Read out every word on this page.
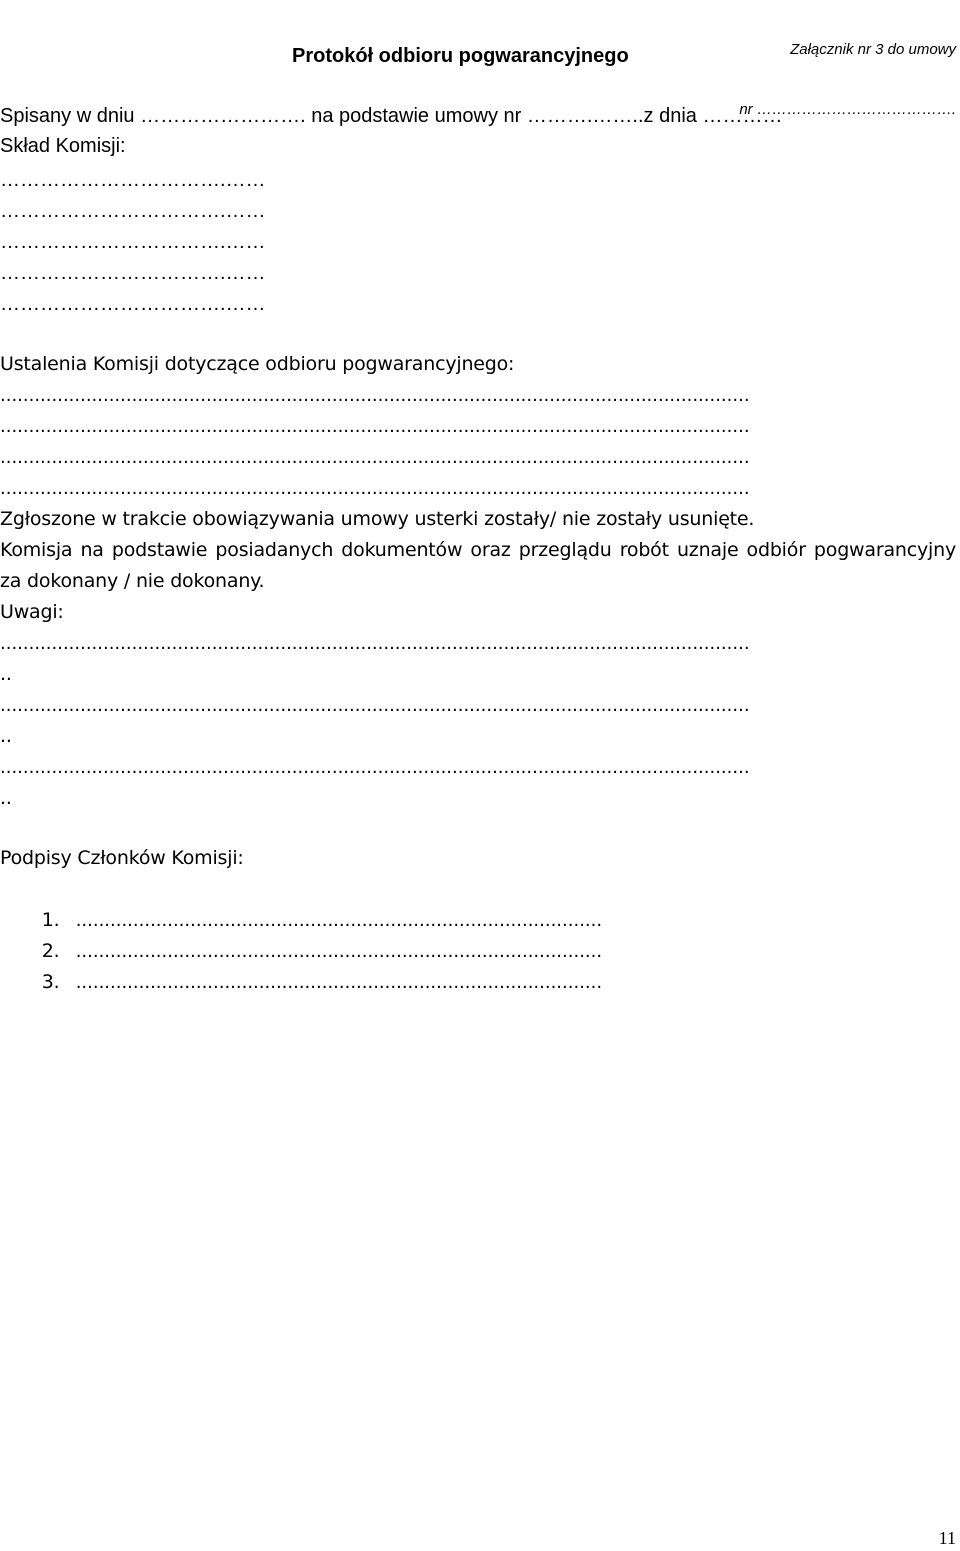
Załącznik nr 3 do umowy

nr ………………………………….

Protokół odbioru pogwarancyjnego
Spisany w dniu ……………………. na podstawie umowy nr ……….……..z dnia …………
Skład Komisji:
…………………………….……
…………………………….……
…………………………….……
…………………………….……
…………………………….……
Ustalenia Komisji dotyczące odbioru pogwarancyjnego:
...................................................................................................................................
...................................................................................................................................
...................................................................................................................................
...................................................................................................................................
Zgłoszone w trakcie obowiązywania umowy usterki zostały/ nie zostały usunięte.
Komisja na podstawie posiadanych dokumentów oraz przeglądu robót uznaje odbiór pogwarancyjny za dokonany / nie dokonany.
Uwagi:
...................................................................................................................................
..
...................................................................................................................................
..
...................................................................................................................................
..
Podpisy Członków Komisji:

1. ............................................................................................

2. ............................................................................................

3. ............................................................................................

11
